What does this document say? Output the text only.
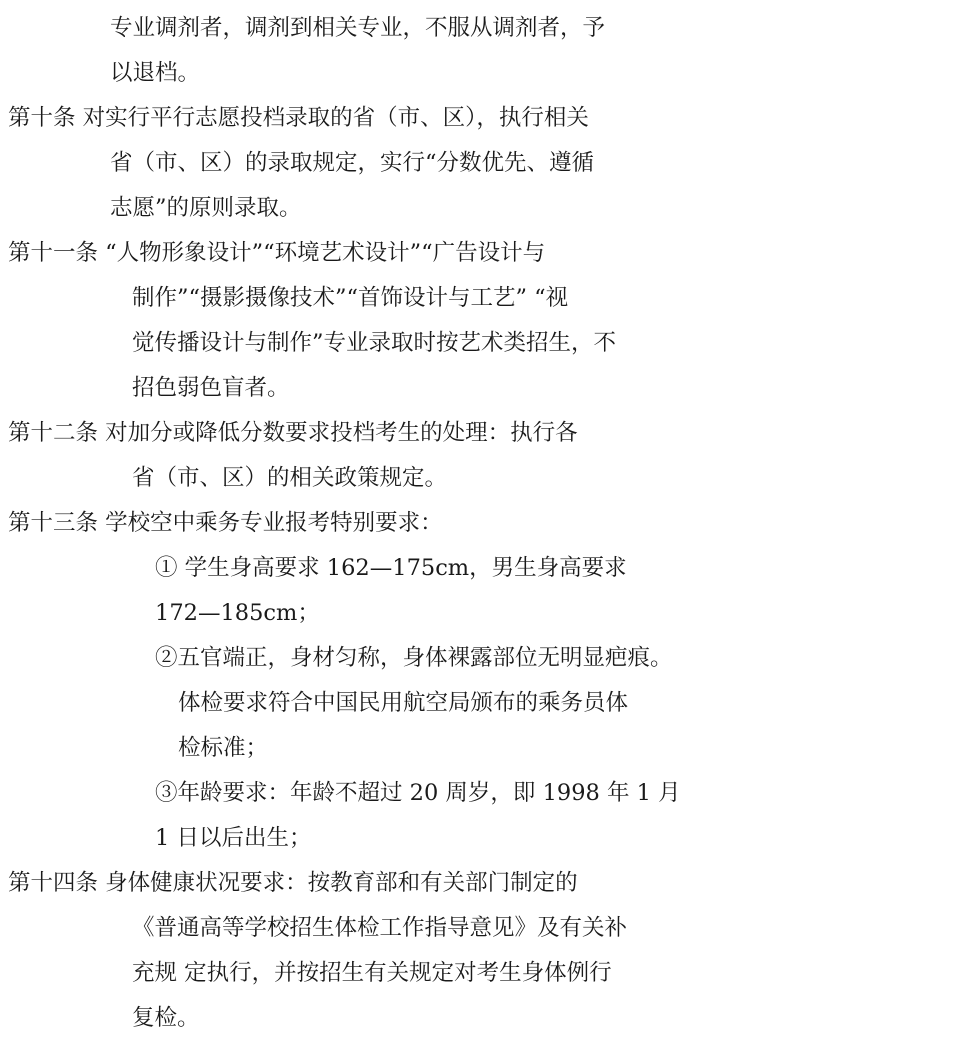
专业调剂者，调剂到相关专业，不服从调剂者，予
以退档。
第十条 对实行平行志愿投档录取的省（市、区），执行相关
省（市、区）的录取规定，实行“分数优先、遵循
志愿”的原则录取。
第十一条 “人物形象设计”“环境艺术设计”“广告设计与
制作”“摄影摄像技术”“首饰设计与工艺” “视
觉传播设计与制作”专业录取时按艺术类招生，不
招色弱色盲者。
第十二条 对加分或降低分数要求投档考生的处理：执行各
省（市、区）的相关政策规定。
第十三条 学校空中乘务专业报考特别要求：
① 学生身高要求 162—175cm，男生身高要求
172—185cm；
②五官端正，身材匀称，身体裸露部位无明显疤痕。
体检要求符合中国民用航空局颁布的乘务员体
检标准；
③年龄要求：年龄不超过 20 周岁，即 1998 年 1 月
1 日以后出生；
第十四条 身体健康状况要求：按教育部和有关部门制定的
《普通高等学校招生体检工作指导意见》及有关补
充规 定执行，并按招生有关规定对考生身体例行
复检。
